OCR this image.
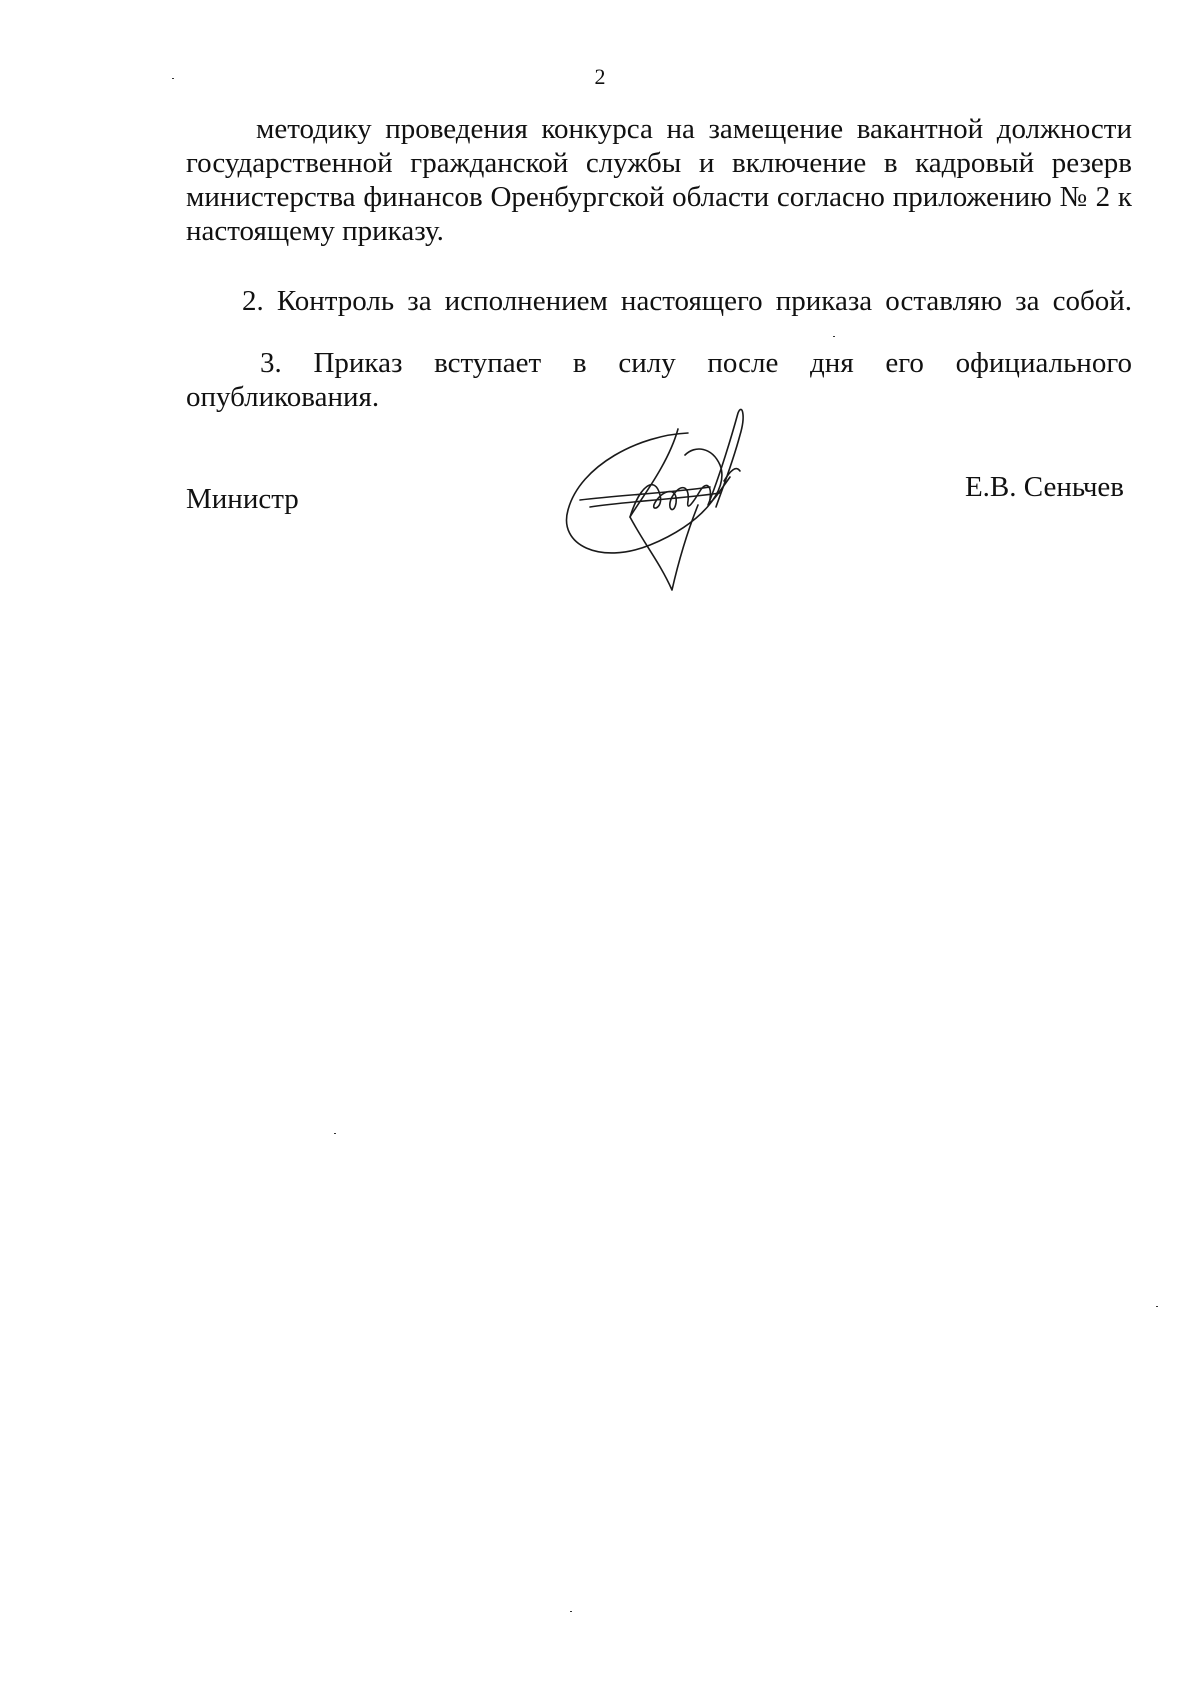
2
методику проведения конкурса на замещение вакантной должности государственной гражданской службы и включение в кадровый резерв министерства финансов Оренбургской области согласно приложению № 2 к настоящему приказу.
2. Контроль за исполнением настоящего приказа оставляю за собой.
3. Приказ вступает в силу после дня его официального опубликования.
Министр	Е.В. Сеньчев
